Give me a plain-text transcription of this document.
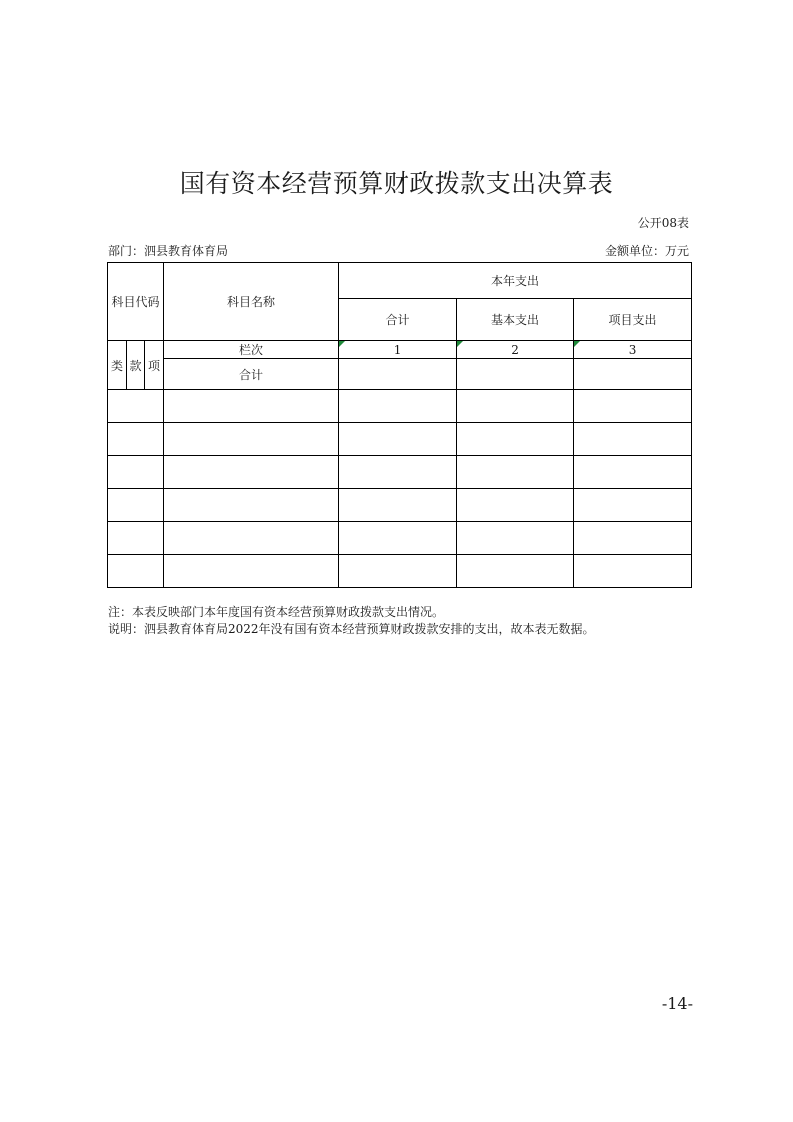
国有资本经营预算财政拨款支出决算表
公开08表
部门：泗县教育体育局	金额单位：万元
科目代码			科目名称	本年支出		
				合计	基本支出	项目支出
类	款	项	栏次	1	2	3
			合计			

注：本表反映部门本年度国有资本经营预算财政拨款支出情况。
说明：泗县教育体育局2022年没有国有资本经营预算财政拨款安排的支出，故本表无数据。
-14-
